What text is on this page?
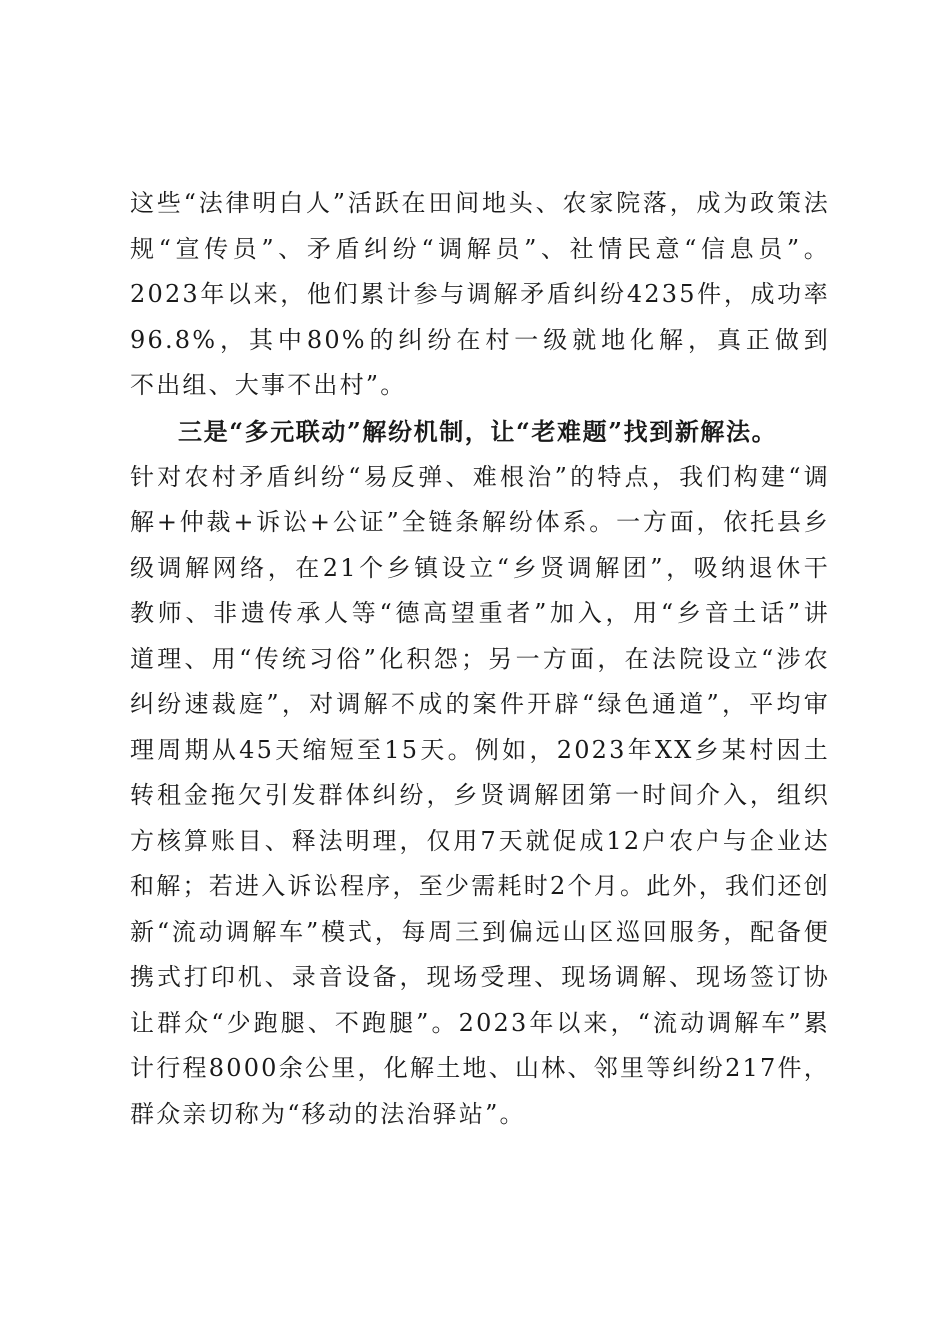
这些“法律明白人”活跃在田间地头、农家院落，成为政策法
规“宣传员”、矛盾纠纷“调解员”、社情民意“信息员”。
2023年以来，他们累计参与调解矛盾纠纷4235件，成功率
96.8%，其中80%的纠纷在村一级就地化解，真正做到
不出组、大事不出村”。
三是“多元联动”解纷机制，让“老难题”找到新解法。
针对农村矛盾纠纷“易反弹、难根治”的特点，我们构建“调
解+仲裁+诉讼+公证”全链条解纷体系。一方面，依托县乡
级调解网络，在21个乡镇设立“乡贤调解团”，吸纳退休干
教师、非遗传承人等“德高望重者”加入，用“乡音土话”讲
道理、用“传统习俗”化积怨；另一方面，在法院设立“涉农
纠纷速裁庭”，对调解不成的案件开辟“绿色通道”，平均审
理周期从45天缩短至15天。例如，2023年XX乡某村因土
转租金拖欠引发群体纠纷，乡贤调解团第一时间介入，组织
方核算账目、释法明理，仅用7天就促成12户农户与企业达
和解；若进入诉讼程序，至少需耗时2个月。此外，我们还创
新“流动调解车”模式，每周三到偏远山区巡回服务，配备便
携式打印机、录音设备，现场受理、现场调解、现场签订协
让群众“少跑腿、不跑腿”。2023年以来，“流动调解车”累
计行程8000余公里，化解土地、山林、邻里等纠纷217件，
群众亲切称为“移动的法治驿站”。
